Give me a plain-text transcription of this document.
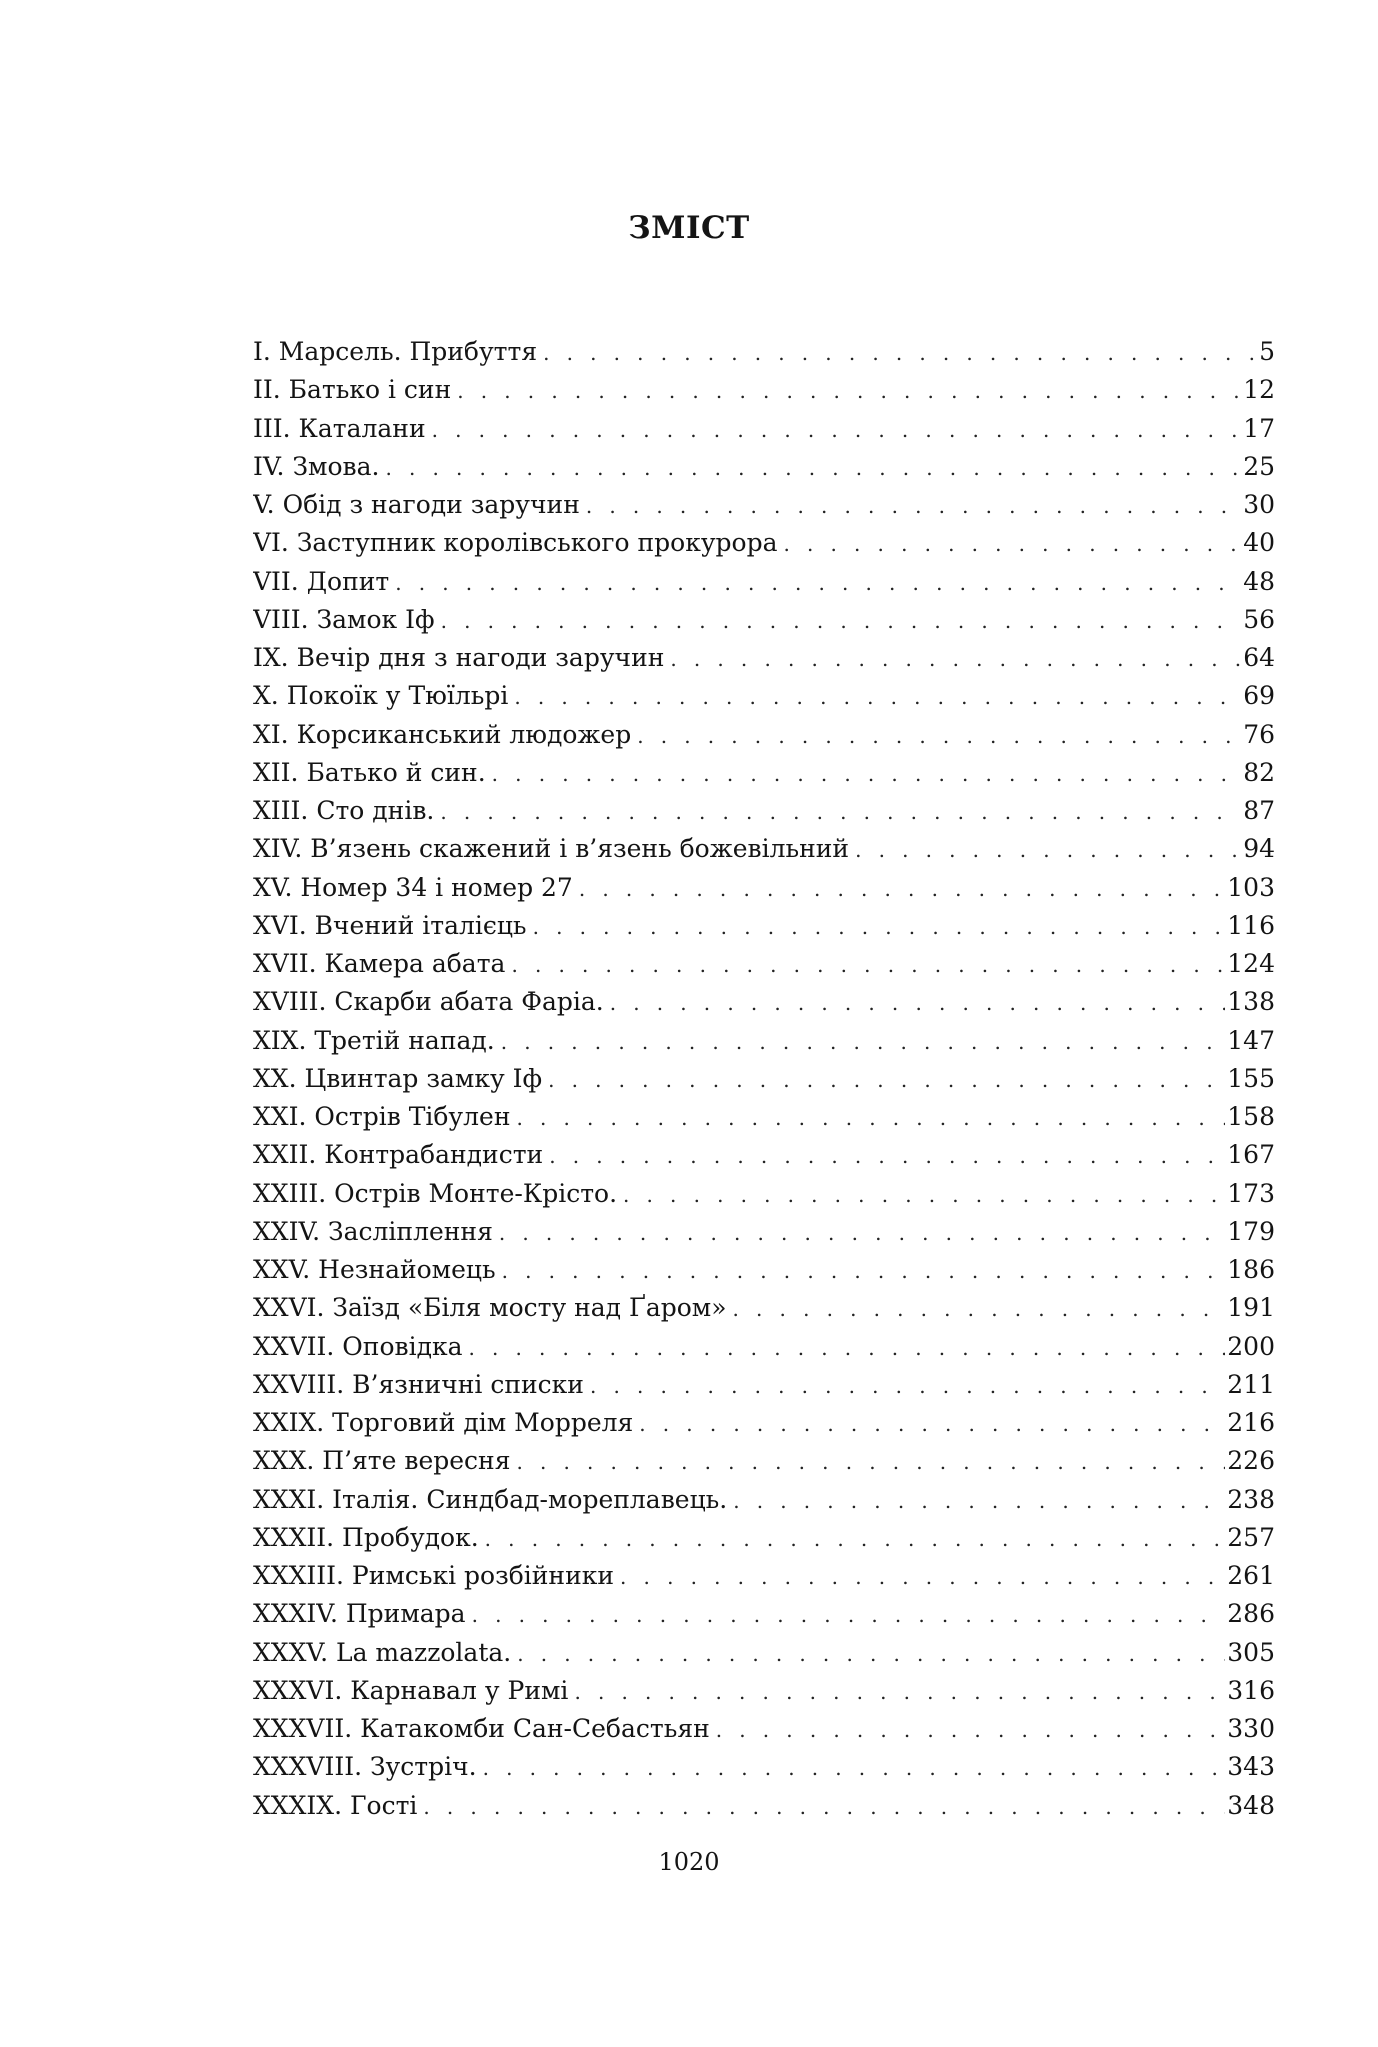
ЗМІСТ
I. Марсель. Прибуття . . .	5
II. Батько і син . . .	12
III. Каталани . . .	17
IV. Змова. . . .	25
V. Обід з нагоди заручин . . .	30
VI. Заступник королівського прокурора . . .	40
VII. Допит . . .	48
VIII. Замок Іф . . .	56
IX. Вечір дня з нагоди заручин . . .	64
X. Покоїк у Тюїльрі . . .	69
XI. Корсиканський людожер . . .	76
XII. Батько й син. . . .	82
XIII. Сто днів. . . .	87
XIV. В’язень скажений і в’язень божевільний . . .	94
XV. Номер 34 і номер 27 . . .	103
XVI. Вчений італієць . . .	116
XVII. Камера абата . . .	124
XVIII. Скарби абата Фаріа. . . .	138
XIX. Третій напад. . . .	147
XX. Цвинтар замку Іф . . .	155
XXI. Острів Тібулен . . .	158
XXII. Контрабандисти . . .	167
XXIII. Острів Монте-Крісто. . . .	173
XXIV. Засліплення . . .	179
XXV. Незнайомець . . .	186
XXVI. Заїзд «Біля мосту над Ґаром» . . .	191
XXVII. Оповідка . . .	200
XXVIII. В’язничні списки . . .	211
XXIX. Торговий дім Морреля . . .	216
XXX. П’яте вересня . . .	226
XXXI. Італія. Синдбад-мореплавець. . . .	238
XXXII. Пробудок. . . .	257
XXXIII. Римські розбійники . . .	261
XXXIV. Примара . . .	286
XXXV. La mazzolata. . . .	305
XXXVI. Карнавал у Римі . . .	316
XXXVII. Катакомби Сан-Себастьян . . .	330
XXXVIII. Зустріч. . . .	343
XXXIX. Гості . . .	348
1020
